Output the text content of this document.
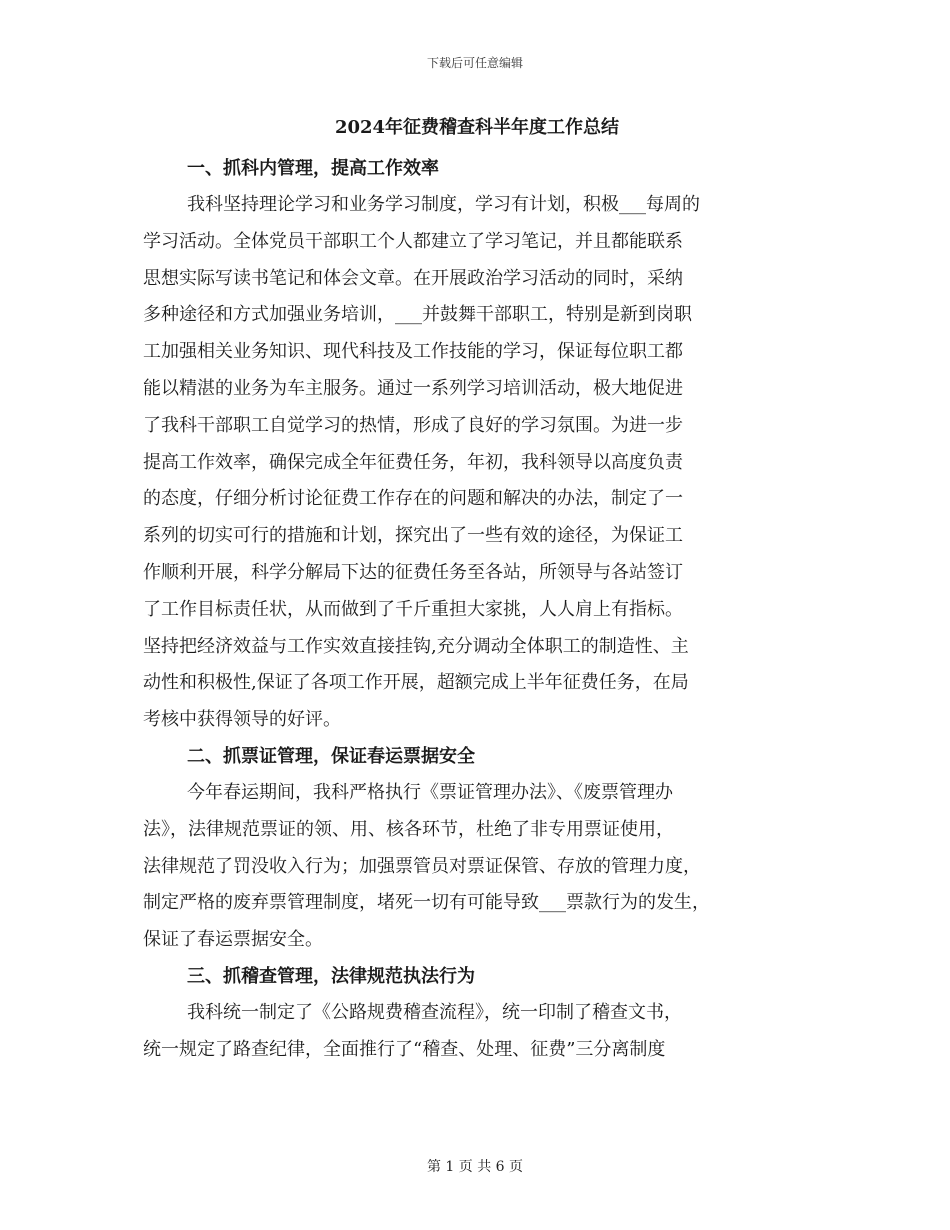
下载后可任意编辑
2024年征费稽查科半年度工作总结
一、抓科内管理，提高工作效率
我科坚持理论学习和业务学习制度，学习有计划，积极___每周的
学习活动。全体党员干部职工个人都建立了学习笔记，并且都能联系
思想实际写读书笔记和体会文章。在开展政治学习活动的同时，采纳
多种途径和方式加强业务培训，___并鼓舞干部职工，特别是新到岗职
工加强相关业务知识、现代科技及工作技能的学习，保证每位职工都
能以精湛的业务为车主服务。通过一系列学习培训活动，极大地促进
了我科干部职工自觉学习的热情，形成了良好的学习氛围。为进一步
提高工作效率，确保完成全年征费任务，年初，我科领导以高度负责
的态度，仔细分析讨论征费工作存在的问题和解决的办法，制定了一
系列的切实可行的措施和计划，探究出了一些有效的途径，为保证工
作顺利开展，科学分解局下达的征费任务至各站，所领导与各站签订
了工作目标责任状，从而做到了千斤重担大家挑，人人肩上有指标。
坚持把经济效益与工作实效直接挂钩,充分调动全体职工的制造性、主
动性和积极性,保证了各项工作开展，超额完成上半年征费任务，在局
考核中获得领导的好评。
二、抓票证管理，保证春运票据安全
今年春运期间，我科严格执行《票证管理办法》、《废票管理办
法》，法律规范票证的领、用、核各环节，杜绝了非专用票证使用，
法律规范了罚没收入行为；加强票管员对票证保管、存放的管理力度，
制定严格的废弃票管理制度，堵死一切有可能导致___票款行为的发生，
保证了春运票据安全。
三、抓稽查管理，法律规范执法行为
我科统一制定了《公路规费稽查流程》，统一印制了稽查文书，
统一规定了路查纪律，全面推行了“稽查、处理、征费”三分离制度
第 1 页 共 6 页
